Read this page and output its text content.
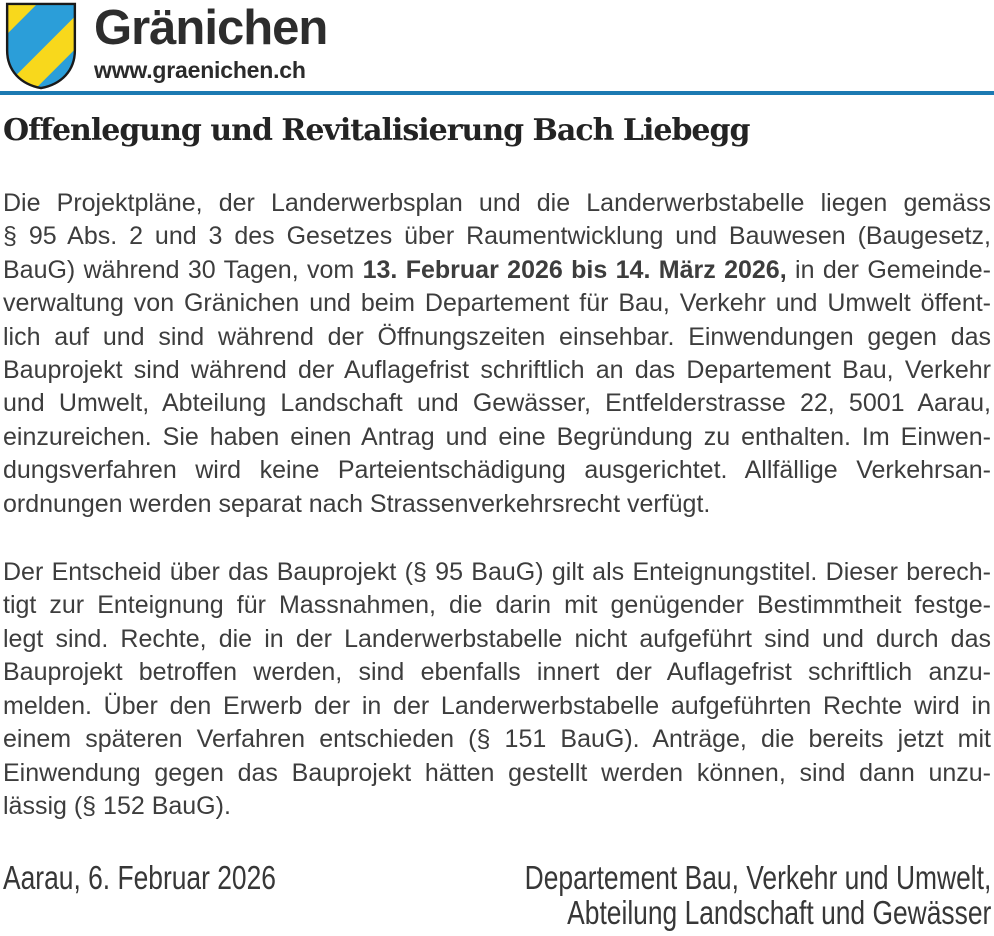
Gränichen
www.graenichen.ch
Offenlegung und Revitalisierung Bach Liebegg
Die Projektpläne, der Landerwerbsplan und die Landerwerbstabelle liegen gemäss
§ 95 Abs. 2 und 3 des Gesetzes über Raumentwicklung und Bauwesen (Baugesetz,
BauG) während 30 Tagen, vom 13. Februar 2026 bis 14. März 2026, in der Gemeinde-
verwaltung von Gränichen und beim Departement für Bau, Verkehr und Umwelt öffent-
lich auf und sind während der Öffnungszeiten einsehbar. Einwendungen gegen das
Bauprojekt sind während der Auflagefrist schriftlich an das Departement Bau, Verkehr
und Umwelt, Abteilung Landschaft und Gewässer, Entfelderstrasse 22, 5001 Aarau,
einzureichen. Sie haben einen Antrag und eine Begründung zu enthalten. Im Einwen-
dungsverfahren wird keine Parteientschädigung ausgerichtet. Allfällige Verkehrsan-
ordnungen werden separat nach Strassenverkehrsrecht verfügt.
Der Entscheid über das Bauprojekt (§ 95 BauG) gilt als Enteignungstitel. Dieser berech-
tigt zur Enteignung für Massnahmen, die darin mit genügender Bestimmtheit festge-
legt sind. Rechte, die in der Landerwerbstabelle nicht aufgeführt sind und durch das
Bauprojekt betroffen werden, sind ebenfalls innert der Auflagefrist schriftlich anzu-
melden. Über den Erwerb der in der Landerwerbstabelle aufgeführten Rechte wird in
einem späteren Verfahren entschieden (§ 151 BauG). Anträge, die bereits jetzt mit
Einwendung gegen das Bauprojekt hätten gestellt werden können, sind dann unzu-
lässig (§ 152 BauG).
Aarau, 6. Februar 2026	Departement Bau, Verkehr und Umwelt,
Abteilung Landschaft und Gewässer
